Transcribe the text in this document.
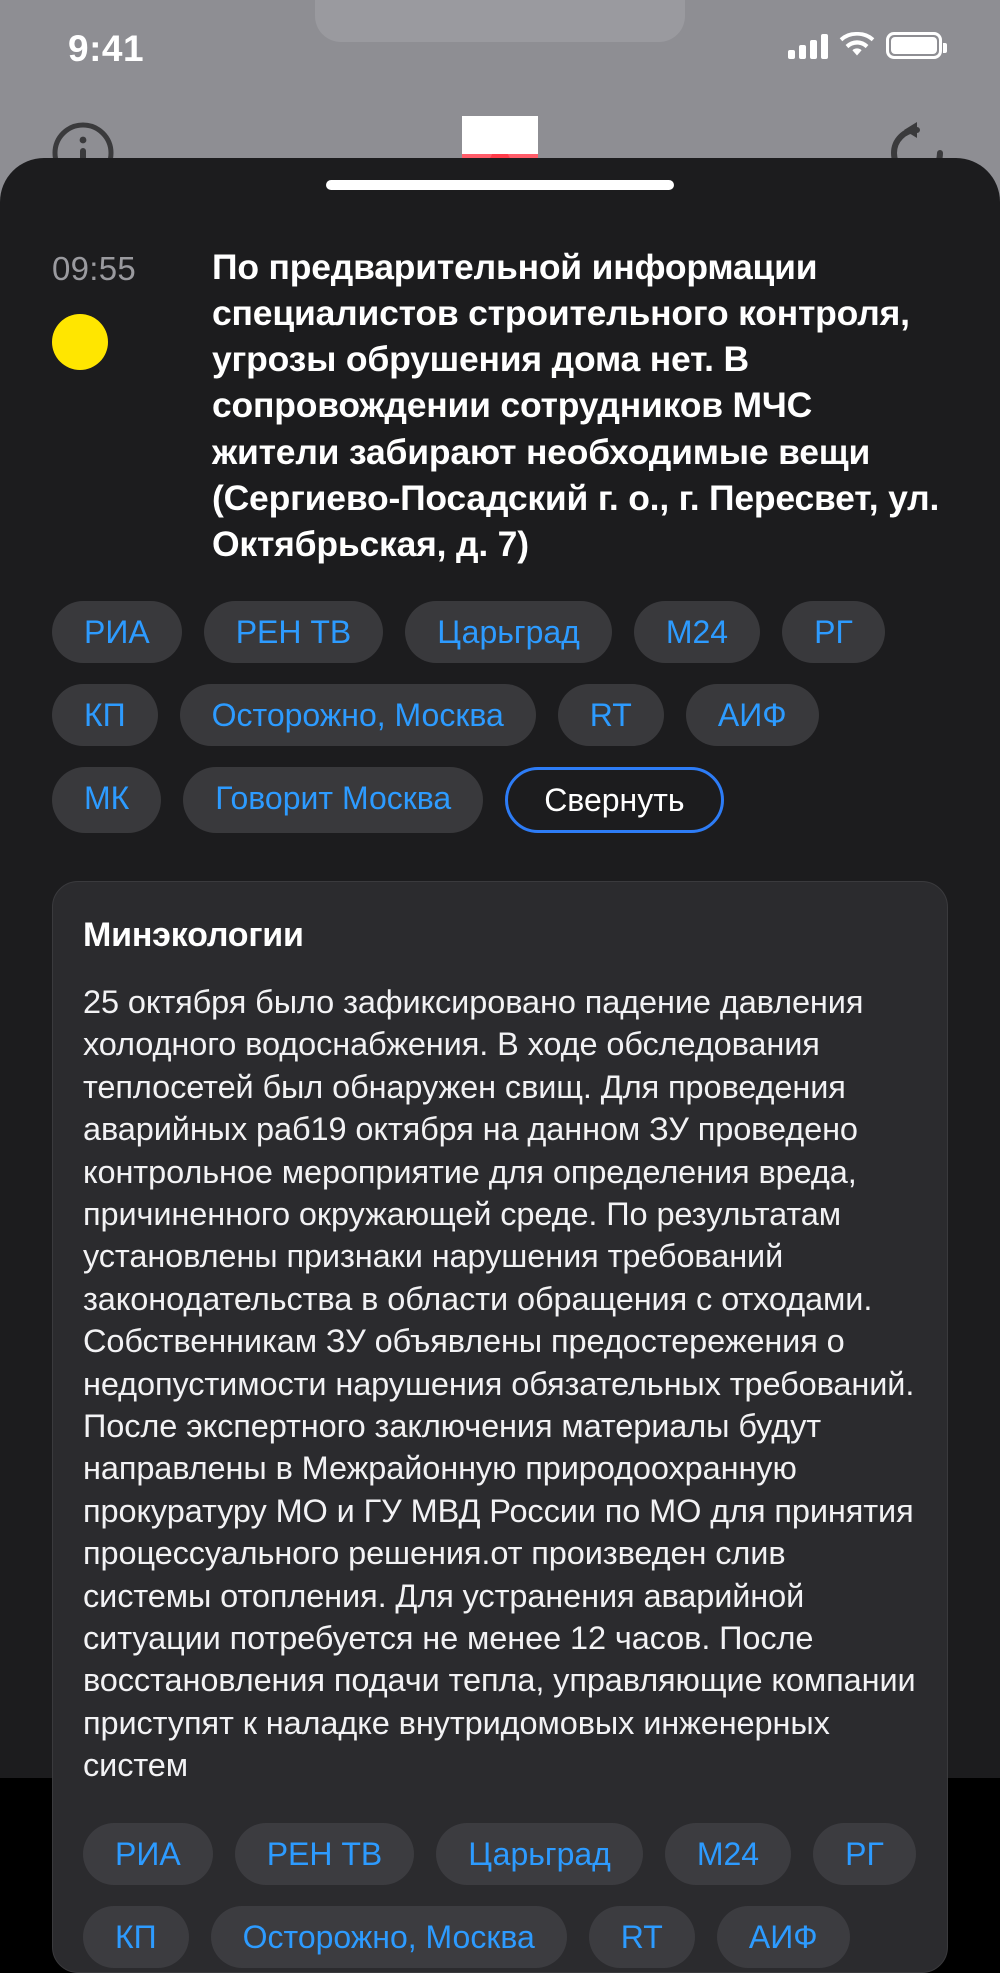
9:41
09:55	По предварительной информации специалистов строительного контроля, угрозы обрушения дома нет. В сопровождении сотрудников МЧС жители забирают необходимые вещи (Сергиево-Посадский г. о., г. Пересвет, ул. Октябрьская, д. 7)
РИА	РЕН ТВ	Царьград	М24	РГ
КП	Осторожно, Москва	RT	АИФ
МК	Говорит Москва	Свернуть
Минэкологии
25 октября было зафиксировано падение давления холодного водоснабжения. В ходе обследования теплосетей был обнаружен свищ. Для проведения аварийных раб19 октября на данном ЗУ проведено контрольное мероприятие для определения вреда, причиненного окружающей среде. По результатам установлены признаки нарушения требований законодательства в области обращения с отходами. Собственникам ЗУ объявлены предостережения о недопустимости нарушения обязательных требований. После экспертного заключения материалы будут направлены в Межрайонную природоохранную прокуратуру МО и ГУ МВД России по МО для принятия процессуального решения.от произведен слив системы отопления. Для устранения аварийной ситуации потребуется не менее 12 часов. После восстановления подачи тепла, управляющие компании приступят к наладке внутридомовых инженерных систем
РИА	РЕН ТВ	Царьград	М24	РГ
КП	Осторожно, Москва	RT	АИФ
